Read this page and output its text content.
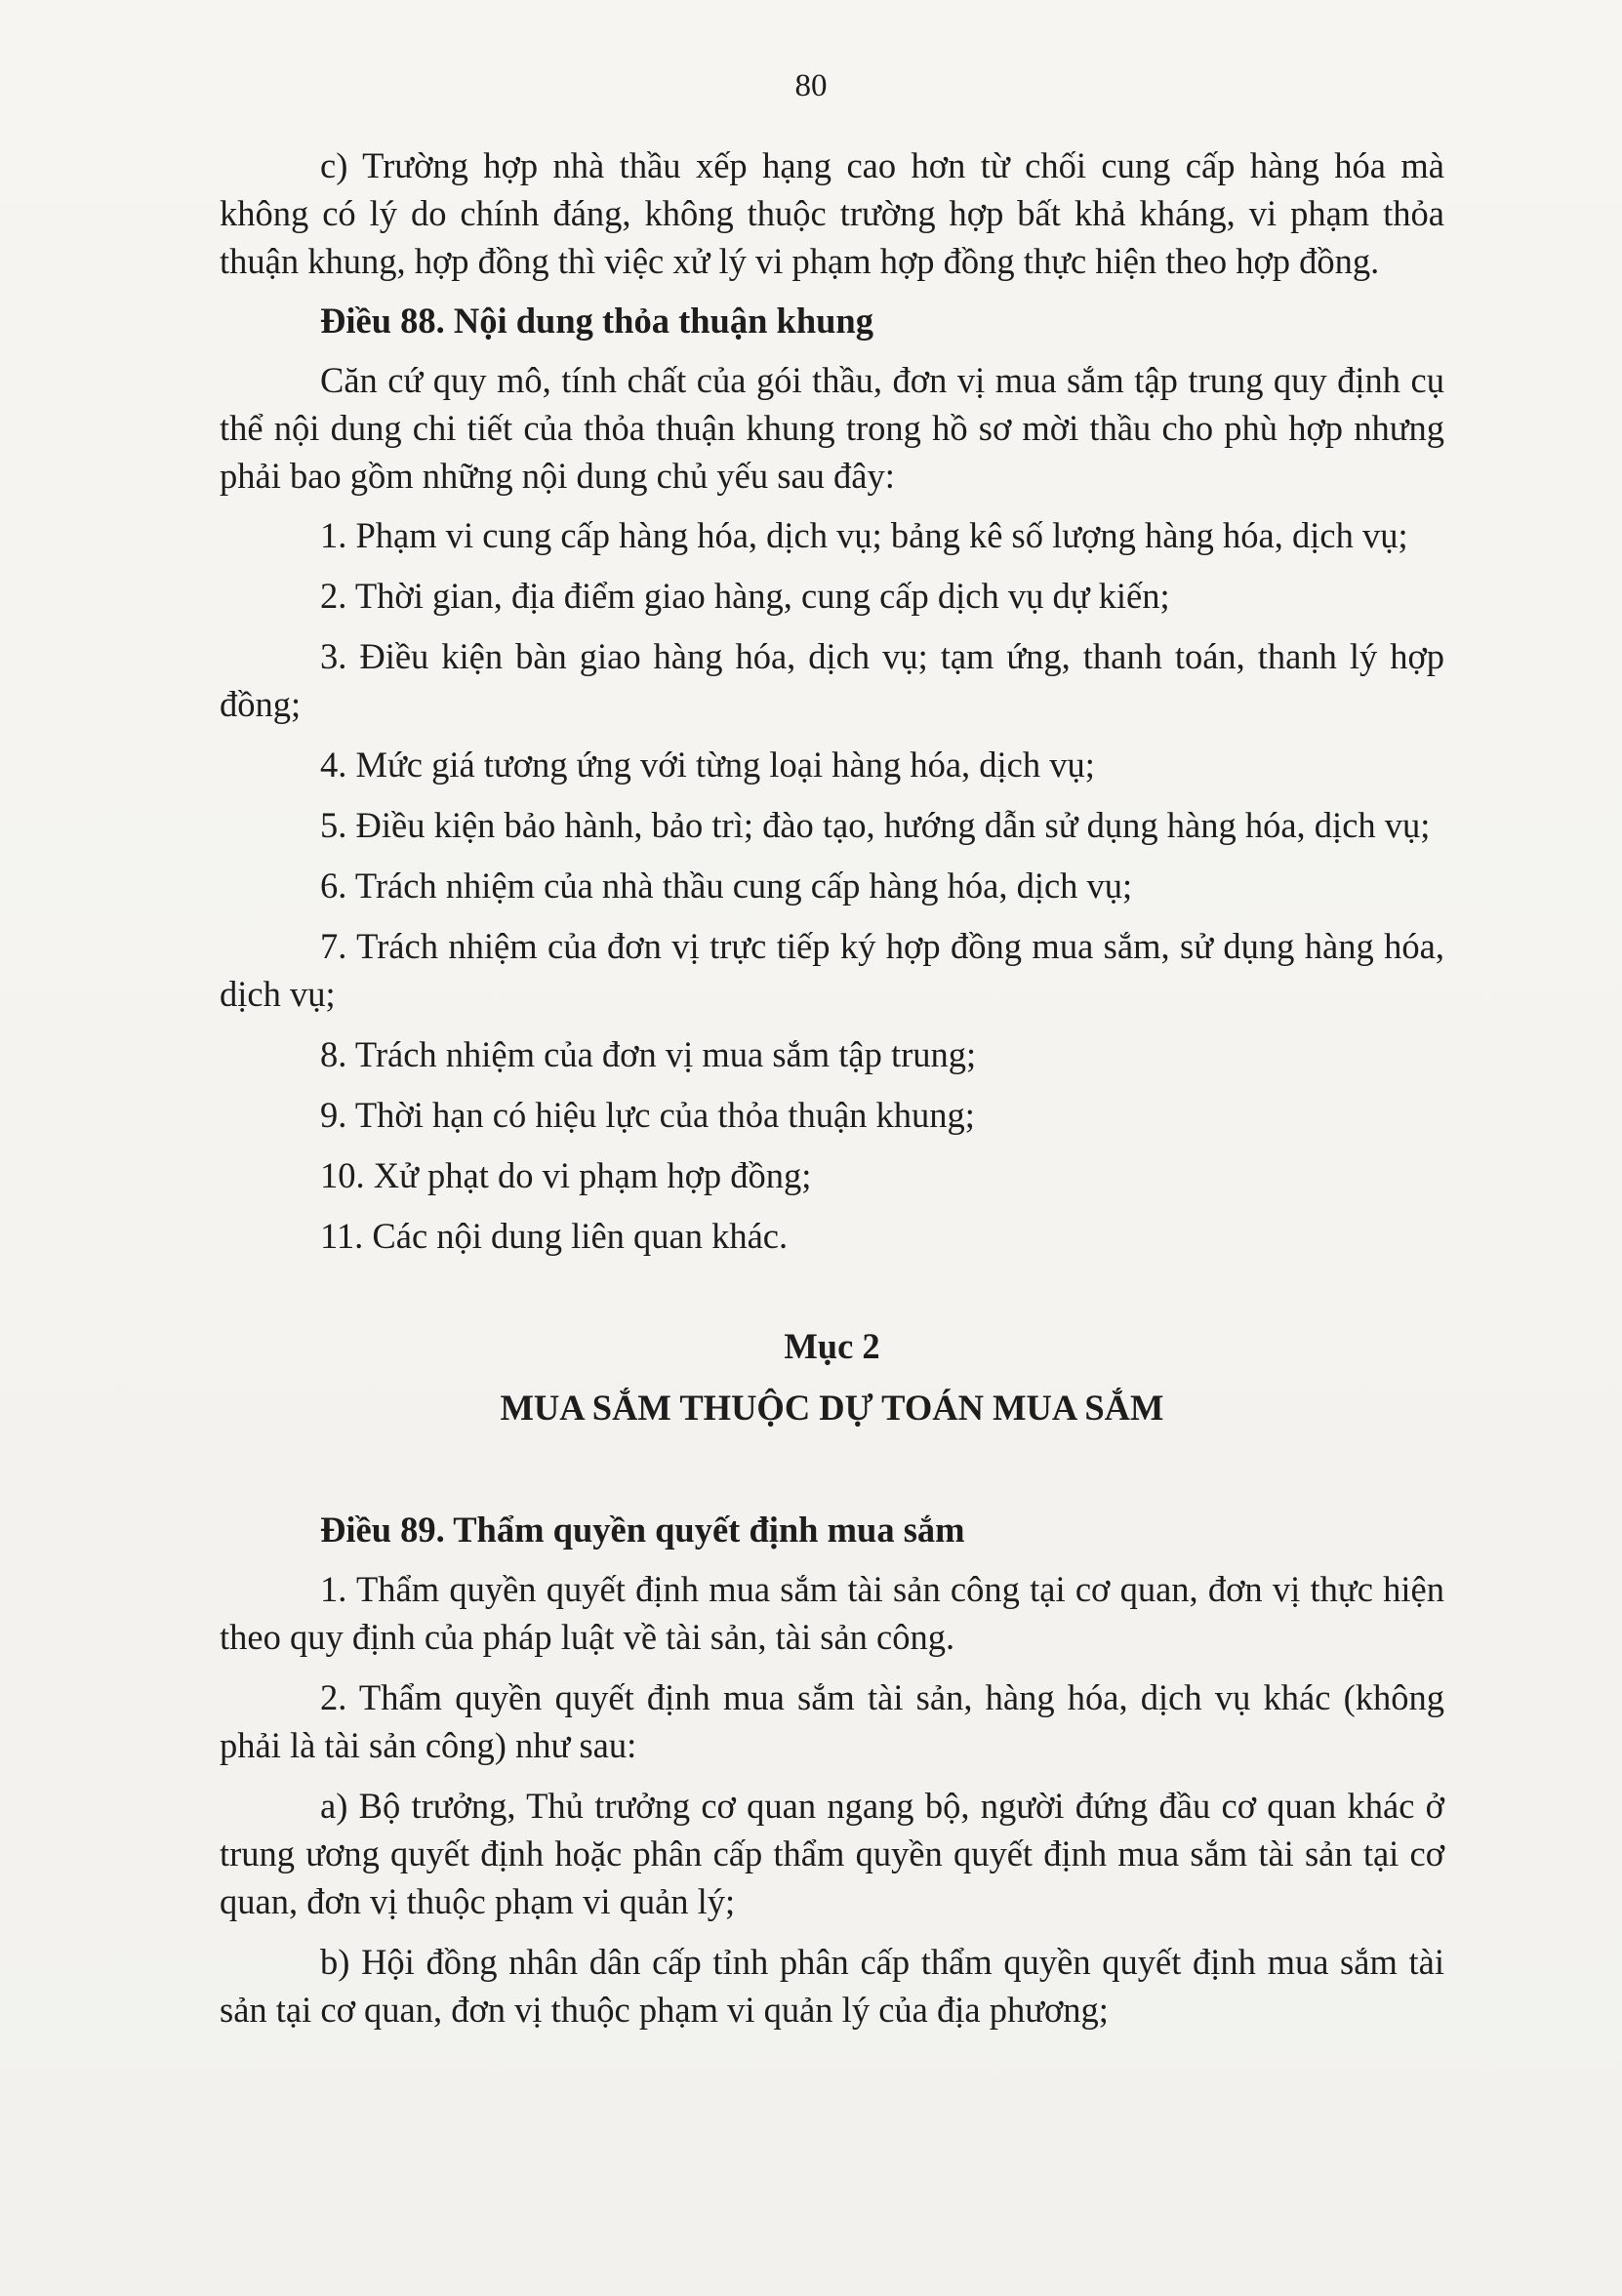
80

c) Trường hợp nhà thầu xếp hạng cao hơn từ chối cung cấp hàng hóa mà không có lý do chính đáng, không thuộc trường hợp bất khả kháng, vi phạm thỏa thuận khung, hợp đồng thì việc xử lý vi phạm hợp đồng thực hiện theo hợp đồng.

Điều 88. Nội dung thỏa thuận khung

Căn cứ quy mô, tính chất của gói thầu, đơn vị mua sắm tập trung quy định cụ thể nội dung chi tiết của thỏa thuận khung trong hồ sơ mời thầu cho phù hợp nhưng phải bao gồm những nội dung chủ yếu sau đây:

1. Phạm vi cung cấp hàng hóa, dịch vụ; bảng kê số lượng hàng hóa, dịch vụ;

2. Thời gian, địa điểm giao hàng, cung cấp dịch vụ dự kiến;

3. Điều kiện bàn giao hàng hóa, dịch vụ; tạm ứng, thanh toán, thanh lý hợp đồng;

4. Mức giá tương ứng với từng loại hàng hóa, dịch vụ;

5. Điều kiện bảo hành, bảo trì; đào tạo, hướng dẫn sử dụng hàng hóa, dịch vụ;

6. Trách nhiệm của nhà thầu cung cấp hàng hóa, dịch vụ;

7. Trách nhiệm của đơn vị trực tiếp ký hợp đồng mua sắm, sử dụng hàng hóa, dịch vụ;

8. Trách nhiệm của đơn vị mua sắm tập trung;

9. Thời hạn có hiệu lực của thỏa thuận khung;

10. Xử phạt do vi phạm hợp đồng;

11. Các nội dung liên quan khác.

Mục 2

MUA SẮM THUỘC DỰ TOÁN MUA SẮM

Điều 89. Thẩm quyền quyết định mua sắm

1. Thẩm quyền quyết định mua sắm tài sản công tại cơ quan, đơn vị thực hiện theo quy định của pháp luật về tài sản, tài sản công.

2. Thẩm quyền quyết định mua sắm tài sản, hàng hóa, dịch vụ khác (không phải là tài sản công) như sau:

a) Bộ trưởng, Thủ trưởng cơ quan ngang bộ, người đứng đầu cơ quan khác ở trung ương quyết định hoặc phân cấp thẩm quyền quyết định mua sắm tài sản tại cơ quan, đơn vị thuộc phạm vi quản lý;

b) Hội đồng nhân dân cấp tỉnh phân cấp thẩm quyền quyết định mua sắm tài sản tại cơ quan, đơn vị thuộc phạm vi quản lý của địa phương;
